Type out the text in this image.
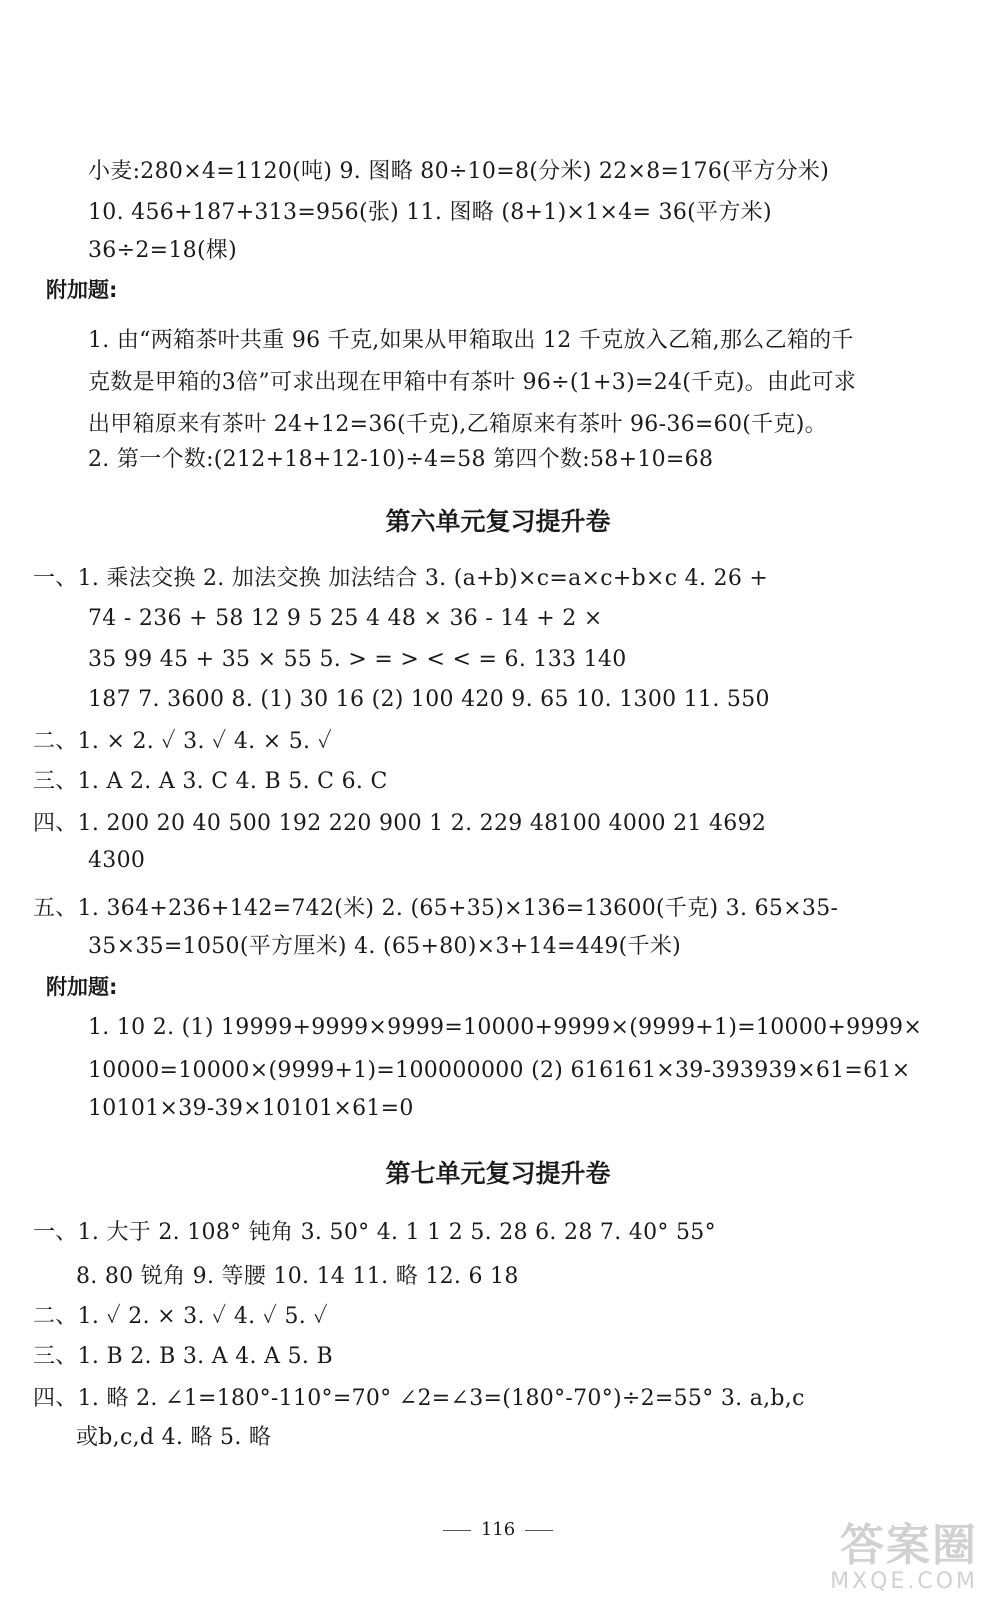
小麦:280×4=1120(吨) 9. 图略 80÷10=8(分米) 22×8=176(平方分米)
10. 456+187+313=956(张) 11. 图略 (8+1)×1×4= 36(平方米)
36÷2=18(棵)
附加题:
1. 由“两箱茶叶共重 96 千克,如果从甲箱取出 12 千克放入乙箱,那么乙箱的千
克数是甲箱的3倍”可求出现在甲箱中有茶叶 96÷(1+3)=24(千克)。由此可求
出甲箱原来有茶叶 24+12=36(千克),乙箱原来有茶叶 96-36=60(千克)。
2. 第一个数:(212+18+12-10)÷4=58 第四个数:58+10=68
第六单元复习提升卷
一、1. 乘法交换 2. 加法交换 加法结合 3. (a+b)×c=a×c+b×c 4. 26 +
74 - 236 + 58 12 9 5 25 4 48 × 36 - 14 + 2 ×
35 99 45 + 35 × 55 5. > = > < < = 6. 133 140
187 7. 3600 8. (1) 30 16 (2) 100 420 9. 65 10. 1300 11. 550
二、1. × 2. ✓ 3. ✓ 4. × 5. ✓
三、1. A 2. A 3. C 4. B 5. C 6. C
四、1. 200 20 40 500 192 220 900 1 2. 229 48100 4000 21 4692
4300
五、1. 364+236+142=742(米) 2. (65+35)×136=13600(千克) 3. 65×35-
35×35=1050(平方厘米) 4. (65+80)×3+14=449(千米)
附加题:
1. 10 2. (1) 19999+9999×9999=10000+9999×(9999+1)=10000+9999×
10000=10000×(9999+1)=100000000 (2) 616161×39-393939×61=61×
10101×39-39×10101×61=0
第七单元复习提升卷
一、1. 大于 2. 108° 钝角 3. 50° 4. 1 1 2 5. 28 6. 28 7. 40° 55°
8. 80 锐角 9. 等腰 10. 14 11. 略 12. 6 18
二、1. ✓ 2. × 3. ✓ 4. ✓ 5. ✓
三、1. B 2. B 3. A 4. A 5. B
四、1. 略 2. ∠1=180°-110°=70° ∠2=∠3=(180°-70°)÷2=55° 3. a,b,c
或b,c,d 4. 略 5. 略
116	答案圈
MXQE.COM
